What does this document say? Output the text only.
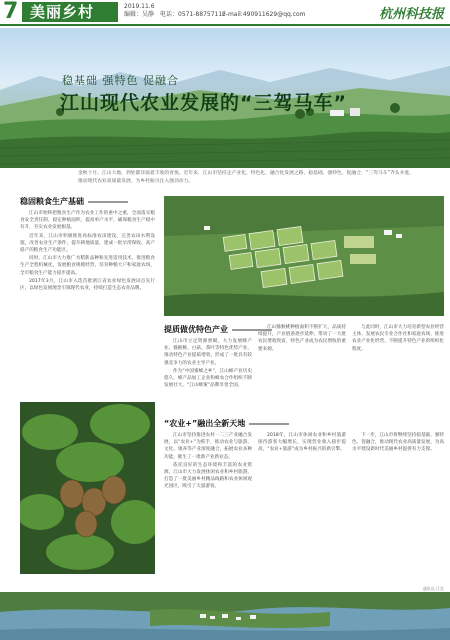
7 美丽乡村	2019.11.6
编辑：吴静 电话：0571-88757117
E-mail:490911629@qq.com	杭州科技报
稳基础 强特色 促融合
江山现代农业发展的“三驾马车”
金秋十月，江山大地，到处都洋溢着丰收的喜悦。近年来，江山市坚持走产业化、特色化、融合化发展之路，稳基础、强特色、促融合，“三驾马车”齐头并进，推动现代农业高质量发展，为乡村振兴注入强劲动力。
稳固粮食生产基础

江山市始终把粮食生产作为农业工作的重中之重，全面落实粮食安全责任制，稳定种植面积，提高单产水平，确保粮食生产稳中有升，夯实农业发展根基。

近年来，江山市积极推进高标准农田建设，完善农田水利设施，改善农业生产条件，提升耕地质量，建成一批旱涝保收、高产稳产的粮食生产功能区。

同时，江山市大力推广水稻新品种和先进适用技术，推进粮食生产全程机械化，发展粮食规模经营，培育种粮大户和家庭农场，全市粮食生产能力稳步提高。

2017年3月，江山市入选首批浙江省农业绿色发展试点先行区，以绿色发展理念引领现代农业，持续打造生态农业品牌。

提质做优特色产业

江山市立足资源禀赋，大力发展蜂产业、猕猴桃、白菇、茶叶等特色优势产业，推动特色产业提质增效，形成了一批具有较强竞争力的农业主导产业。

作为“中国蜜蜂之乡”，江山蜂产业历史悠久，蜂产品加工企业和蜂农合作组织不断发展壮大，“江山蜂蜜”品牌享誉全国。

江山猕猴桃种植面积不断扩大，品质持续提升，产业链条逐步延伸，带动了一大批农民增收致富，特色产业成为农民增收的重要来源。

与此同时，江山市大力培育新型农业经营主体，发展农民专业合作社和家庭农场，推进农业产业化经营，不断提升特色产业的组织化程度。

“农业+”融出全新天地

江山市坚持推进农村一二三产业融合发展，以“农业+”为抓手，推动农业与旅游、文化、康养等产业深度融合，拓展农业多种功能，催生了一批新产业新业态。

依托良好的生态环境和丰富的农业资源，江山市大力发展休闲农业和乡村旅游，打造了一批美丽乡村精品线路和农业休闲观光园区，吸引了大量游客。

2018年，江山市休闲农业和乡村旅游接待游客大幅增长，实现营业收入稳步提高，“农业+旅游”成为乡村振兴的新引擎。

下一步，江山市将继续坚持稳基础、强特色、促融合，推动现代农业高质量发展，为高水平建设新时代美丽乡村提供有力支撑。

通讯员 江农
